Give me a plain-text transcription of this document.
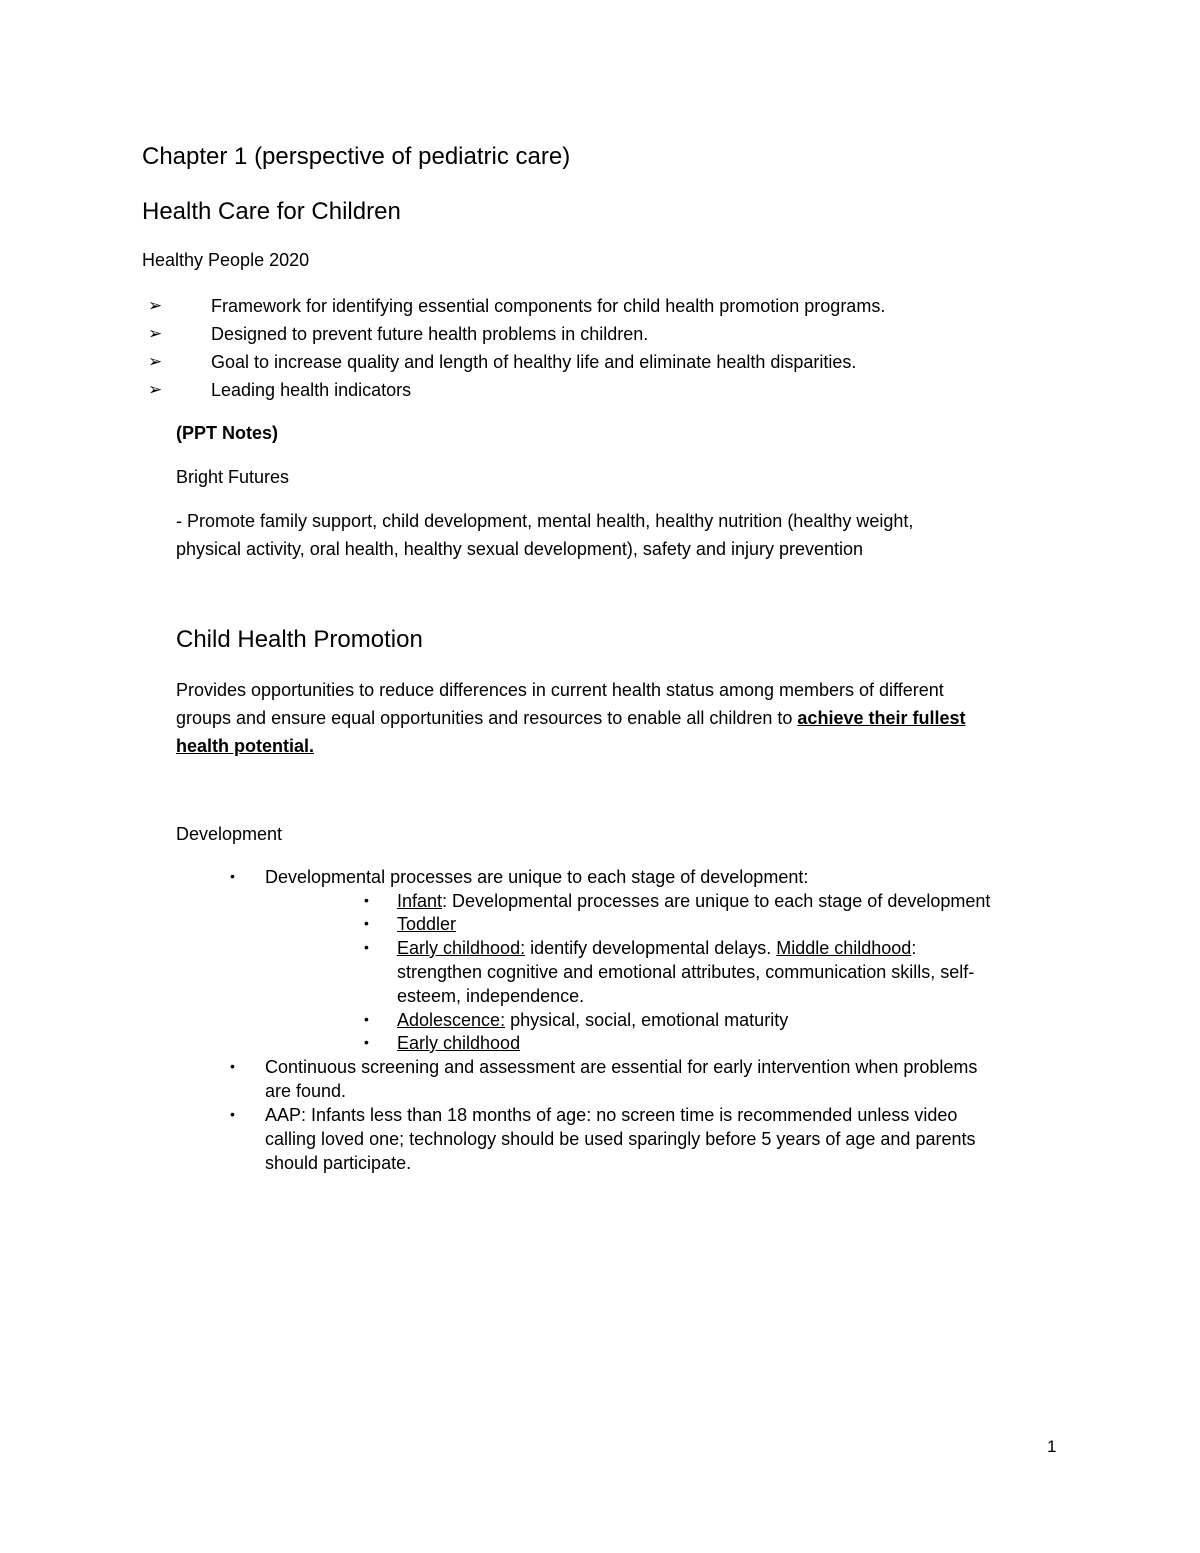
Chapter 1 (perspective of pediatric care)
Health Care for Children
Healthy People 2020
➢	Framework for identifying essential components for child health promotion programs.
➢	Designed to prevent future health problems in children.
➢	Goal to increase quality and length of healthy life and eliminate health disparities.
➢	Leading health indicators
(PPT Notes)
Bright Futures
- Promote family support, child development, mental health, healthy nutrition (healthy weight,
physical activity, oral health, healthy sexual development), safety and injury prevention
Child Health Promotion
Provides opportunities to reduce differences in current health status among members of different
groups and ensure equal opportunities and resources to enable all children to achieve their fullest
health potential.
Development
• Developmental processes are unique to each stage of development:
• Infant: Developmental processes are unique to each stage of development
• Toddler
• Early childhood: identify developmental delays. Middle childhood:
strengthen cognitive and emotional attributes, communication skills, self-
esteem, independence.
• Adolescence: physical, social, emotional maturity
• Early childhood
• Continuous screening and assessment are essential for early intervention when problems
are found.
• AAP: Infants less than 18 months of age: no screen time is recommended unless video
calling loved one; technology should be used sparingly before 5 years of age and parents
should participate.
1
